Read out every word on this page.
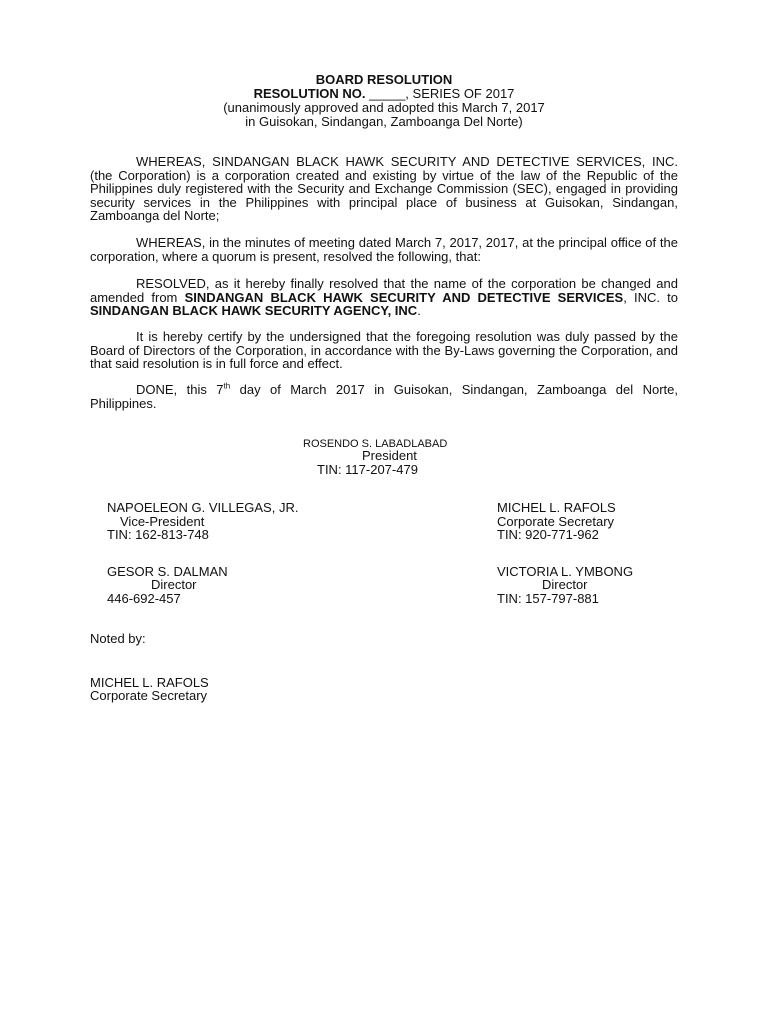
BOARD RESOLUTION
RESOLUTION NO. _____, SERIES OF 2017
(unanimously approved and adopted this March 7, 2017
in Guisokan, Sindangan, Zamboanga Del Norte)

WHEREAS, SINDANGAN BLACK HAWK SECURITY AND DETECTIVE SERVICES, INC. (the Corporation) is a corporation created and existing by virtue of the law of the Republic of the Philippines duly registered with the Security and Exchange Commission (SEC), engaged in providing security services in the Philippines with principal place of business at Guisokan, Sindangan, Zamboanga del Norte;

WHEREAS, in the minutes of meeting dated March 7, 2017, 2017, at the principal office of the corporation, where a quorum is present, resolved the following, that:

RESOLVED, as it hereby finally resolved that the name of the corporation be changed and amended from SINDANGAN BLACK HAWK SECURITY AND DETECTIVE SERVICES, INC. to SINDANGAN BLACK HAWK SECURITY AGENCY, INC.

It is hereby certify by the undersigned that the foregoing resolution was duly passed by the Board of Directors of the Corporation, in accordance with the By-Laws governing the Corporation, and that said resolution is in full force and effect.

DONE, this 7th day of March 2017 in Guisokan, Sindangan, Zamboanga del Norte, Philippines.

ROSENDO S. LABADLABAD
President
TIN: 117-207-479
NAPOELEON G. VILLEGAS, JR.
Vice-President
TIN: 162-813-748
MICHEL L. RAFOLS
Corporate Secretary
TIN: 920-771-962
GESOR S. DALMAN
Director
446-692-457
VICTORIA L. YMBONG
Director
TIN: 157-797-881
Noted by:
MICHEL L. RAFOLS
Corporate Secretary
